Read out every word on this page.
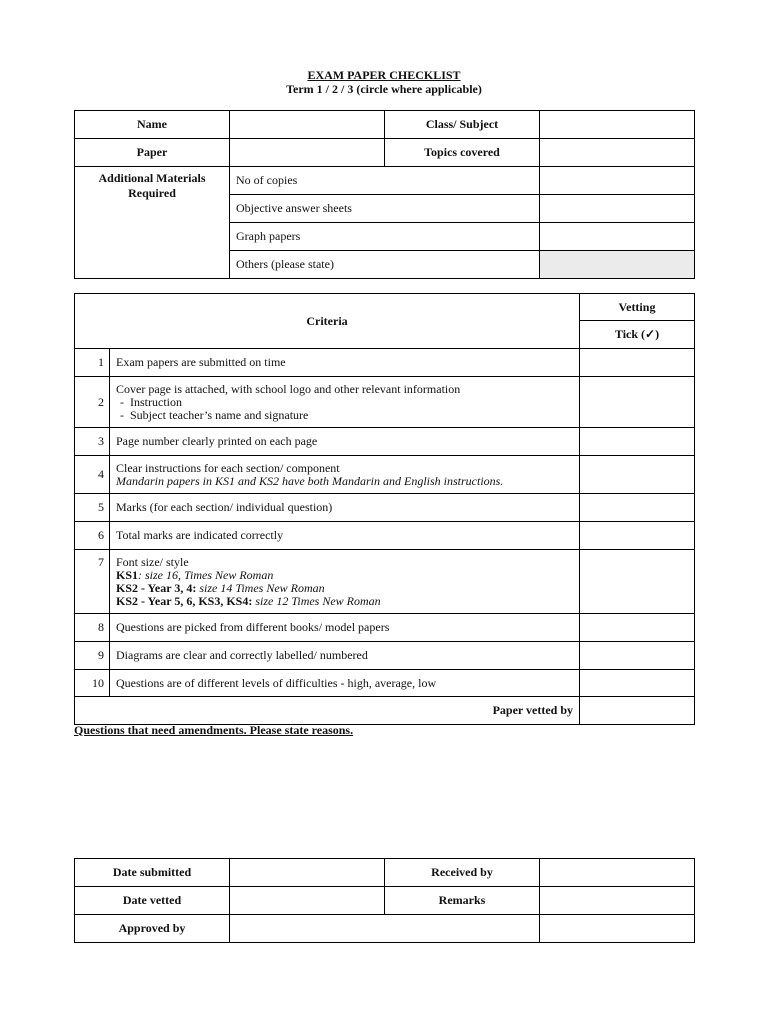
EXAM PAPER CHECKLIST
Term 1 / 2 / 3 (circle where applicable)
Name		Class/ Subject	
Paper		Topics covered	
Additional Materials Required	No of copies		
	Objective answer sheets		
	Graph papers		
	Others (please state)		
Criteria		Vetting
		Tick (✓)
1	Exam papers are submitted on time	
2	Cover page is attached, with school logo and other relevant information
-  Instruction
-  Subject teacher’s name and signature	

3	Page number clearly printed on each page	
4	Clear instructions for each section/ component
Mandarin papers in KS1 and KS2 have both Mandarin and English instructions.	

5	Marks (for each section/ individual question)	
6	Total marks are indicated correctly	
7	Font size/ style
KS1: size 16, Times New Roman
KS2 - Year 3, 4: size 14 Times New Roman
KS2 - Year 5, 6, KS3, KS4: size 12 Times New Roman	

8	Questions are picked from different books/ model papers	
9	Diagrams are clear and correctly labelled/ numbered	
10	Questions are of different levels of difficulties - high, average, low	
Paper vetted by		
Questions that need amendments. Please state reasons.
Date submitted		Received by	
Date vetted		Remarks	
Approved by			
